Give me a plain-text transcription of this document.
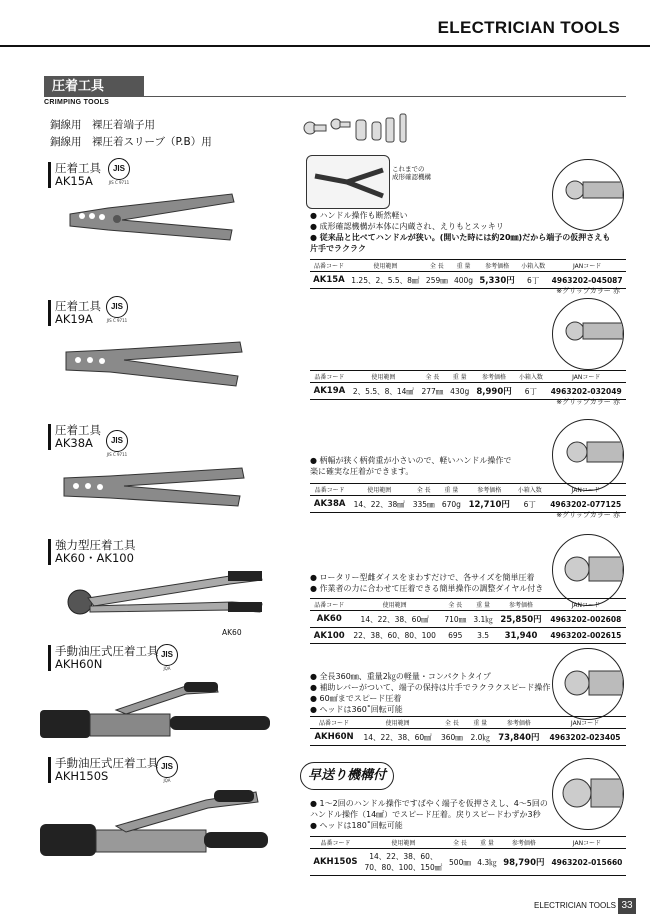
ELECTRICIAN TOOLS
圧着工具
CRIMPING TOOLS
銅線用　裸圧着端子用
銅線用　裸圧着スリーブ（P.B）用
圧着工具
AK15A
JIS
JIS C 9711
これまでの
成形確認機構
● ハンドル操作も断然軽い
● 成形確認機構が本体に内蔵され、えりもとスッキリ
● 従来品と比べてハンドルが狭い。(開いた時には約20㎜)だから端子の仮押さえも
片手でラクラク
品番コード	使用範囲	全 長	重 量	参考価格	小箱入数	JANコード
AK15A	1.25、2、5.5、8㎟	259㎜	400g	5,330円	6丁	4963202-045087
※グリップカラー 赤
圧着工具
AK19A
JIS
JIS C 9711
品番コード	使用範囲	全 長	重 量	参考価格	小箱入数	JANコード
AK19A	2、5.5、8、14㎟	277㎜	430g	8,990円	6丁	4963202-032049
※グリップカラー 赤
圧着工具
AK38A	JIS
JIS C 9711
● 柄幅が狭く柄荷重が小さいので、軽いハンドル操作で
楽に確実な圧着ができます。
品番コード	使用範囲	全 長	重 量	参考価格	小箱入数	JANコード
AK38A	14、22、38㎟	335㎜	670g	12,710円	6丁	4963202-077125
※グリップカラー 赤
強力型圧着工具
AK60・AK100
AK60
● ロータリー型雌ダイスをまわすだけで、各サイズを簡単圧着
● 作業者の力に合わせて圧着できる簡単操作の調整ダイヤル付き
品番コード	使用範囲	全 長	重 量	参考価格	JANコード
AK60	14、22、38、60㎟	710㎜	3.1㎏	25,850円	4963202-002608
AK100	22、38、60、80、100	695	3.5	31,940	4963202-002615
手動油圧式圧着工具
AKH60N
JIS
JQA
● 全長360㎜、重量2㎏の軽量・コンパクトタイプ
● 補助レバーがついて、端子の保持は片手でラクラクスピード操作
● 60㎟までスピード圧着
● ヘッドは360˚回転可能
品番コード	使用範囲	全 長	重 量	参考価格	JANコード
AKH60N	14、22、38、60㎟	360㎜	2.0㎏	73,840円	4963202-023405
手動油圧式圧着工具
AKH150S
JIS
JQA	早送り機構付
● 1～2回のハンドル操作ですばやく端子を仮押さえし、4～5回の
ハンドル操作（14㎟）でスピード圧着。戻りスピードわずか3秒
● ヘッドは180˚回転可能
品番コード	使用範囲	全 長	重 量	参考価格	JANコード
AKH150S	14、22、38、60、
70、80、100、150㎟	500㎜	4.3㎏	98,790円	4963202-015660
ELECTRICIAN TOOLS 33
